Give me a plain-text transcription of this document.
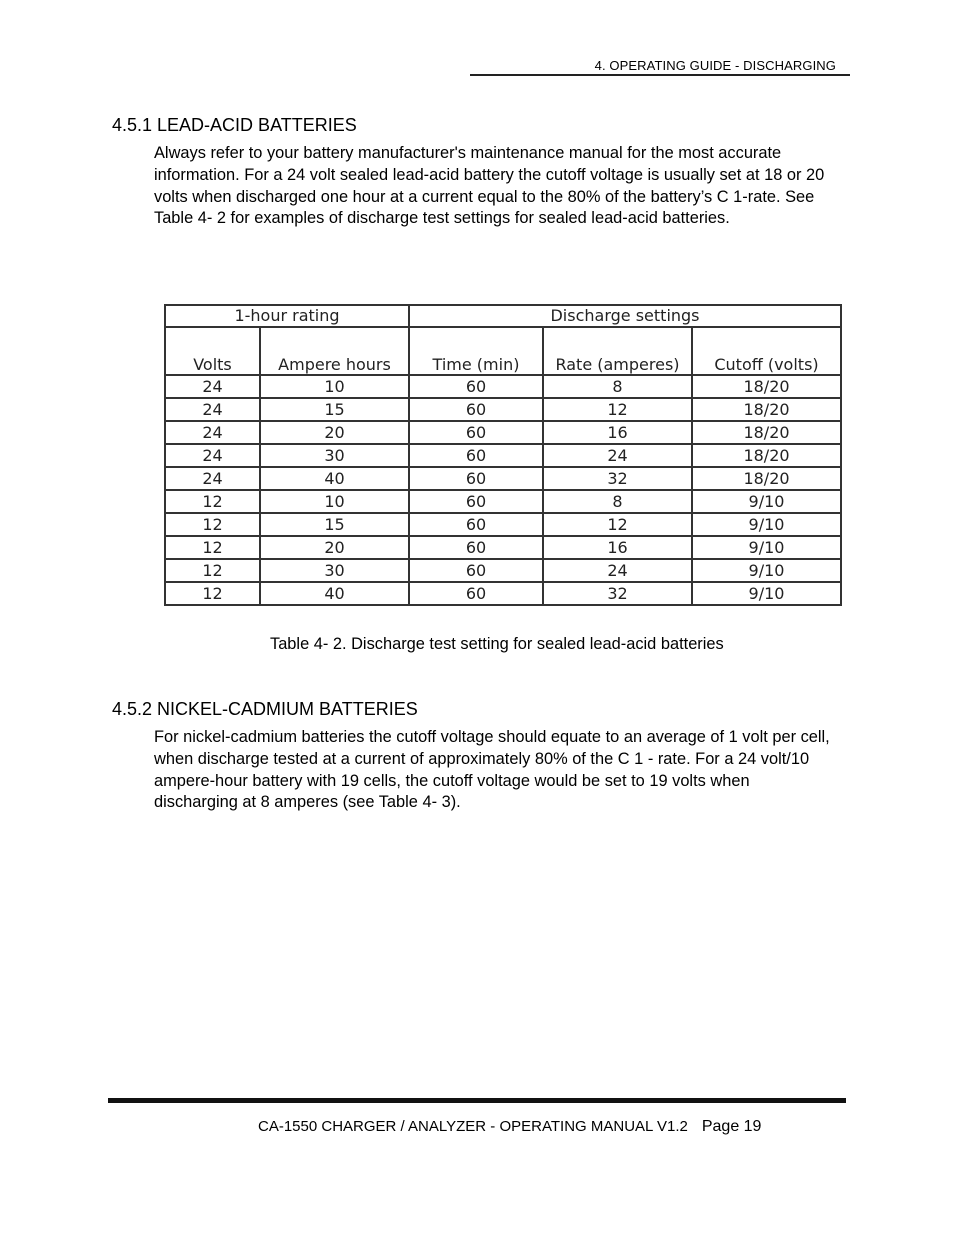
4. OPERATING GUIDE - DISCHARGING
4.5.1 LEAD-ACID BATTERIES
Always refer to your battery manufacturer's maintenance manual for the most accurate information. For a 24 volt sealed lead-acid battery the cutoff voltage is usually set at 18 or 20 volts when discharged one hour at a current equal to the 80% of the battery’s C 1-rate. See Table 4- 2 for examples of discharge test settings for sealed lead-acid batteries.
1-hour rating		Discharge settings		
Volts	Ampere hours	Time (min)	Rate (amperes)	Cutoff (volts)
24	10	60	8	18/20
24	15	60	12	18/20
24	20	60	16	18/20
24	30	60	24	18/20
24	40	60	32	18/20
12	10	60	8	9/10
12	15	60	12	9/10
12	20	60	16	9/10
12	30	60	24	9/10
12	40	60	32	9/10
Table 4- 2. Discharge test setting for sealed lead-acid batteries
4.5.2 NICKEL-CADMIUM BATTERIES
For nickel-cadmium batteries the cutoff voltage should equate to an average of 1 volt per cell, when discharge tested at a current of approximately 80% of the C 1 - rate. For a 24 volt/10 ampere-hour battery with 19 cells, the cutoff voltage would be set to 19 volts when discharging at 8 amperes (see Table 4- 3).
CA-1550 CHARGER / ANALYZER - OPERATING MANUAL V1.2 Page 19
